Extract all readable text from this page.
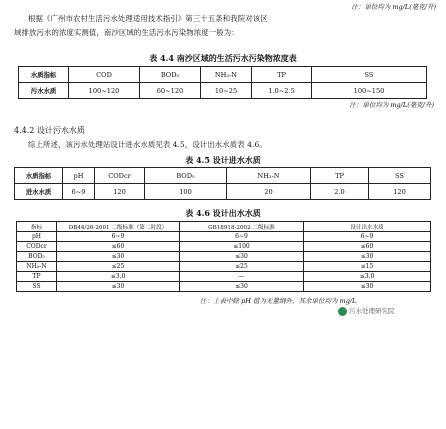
注：单位均为 mg/L(毫克/升)
根据《广州市农村生活污水处理适用技术指引》第三十五条和我院对该区
域排放污水的浓度实测值，南沙区域的生活污水污染物浓度一般为：
表 4.4 南沙区域的生活污水污染物浓度表
水质指标	COD	BOD₅	NH₃-N	TP	SS
污水水质	100~120	60~120	10~25	1.0~2.5	100~150
注：单位均为 mg/L(毫克/升)
4.4.2 设计污水水质
综上所述，该污水处理站设计进水水质见表 4.5，设计出水水质表 4.6。
表 4.5 设计进水水质
水质指标	pH	CODcr	BOD₅	NH₃-N	TP	SS
进水水质	6~9	120	100	20	2.0	120
表 4.6 设计出水水质
指标	DB44/26-2001 二级标准（第二时段）	GB18918-2002 二级标准	设计出水水质
pH	6~9	6~9	6~9
CODcr	≤60	≤100	≤60
BOD₅	≤30	≤30	≤30
NH₃-N	≤25	≤25	≤15
TP	≤3.0	—	≤3.0
SS	≤30	≤30	≤30
注：上表中除 pH 值为无量纲外，其余单位均为 mg/L
污水处理研究院
